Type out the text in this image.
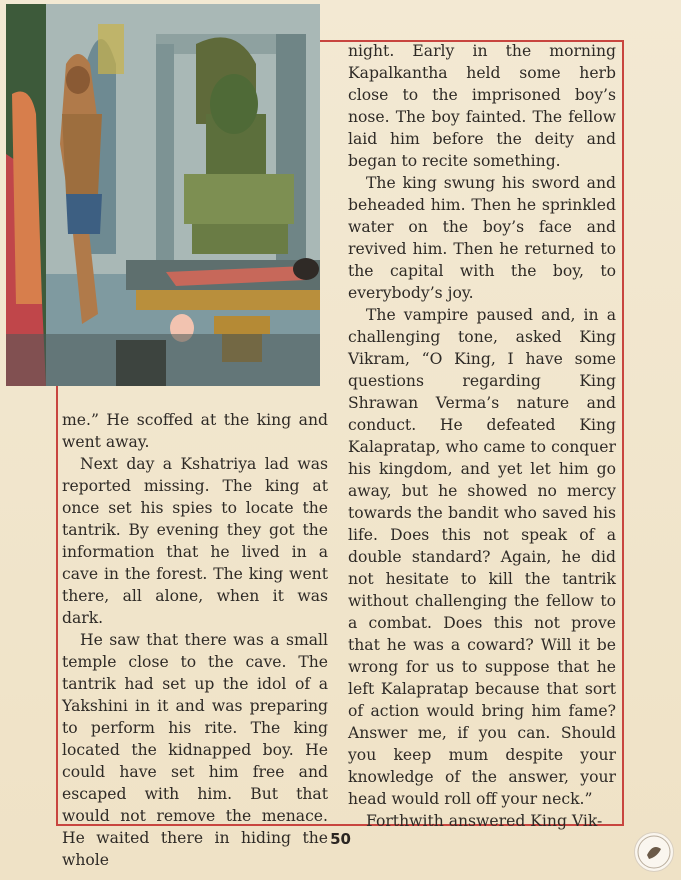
me.” He scoffed at the king and went away.

Next day a Kshatriya lad was reported missing. The king at once set his spies to locate the tantrik. By evening they got the information that he lived in a cave in the forest. The king went there, all alone, when it was dark.

He saw that there was a small temple close to the cave. The tantrik had set up the idol of a Yakshini in it and was preparing to perform his rite. The king located the kidnapped boy. He could have set him free and escaped with him. But that would not remove the menace. He waited there in hiding the whole

night. Early in the morning Kapalkantha held some herb close to the imprisoned boy’s nose. The boy fainted. The fellow laid him before the deity and began to recite something.

The king swung his sword and beheaded him. Then he sprinkled water on the boy’s face and revived him. Then he returned to the capital with the boy, to everybody’s joy.

The vampire paused and, in a challenging tone, asked King Vikram, “O King, I have some questions regarding King Shrawan Verma’s nature and conduct. He defeated King Kalapratap, who came to conquer his kingdom, and yet let him go away, but he showed no mercy towards the bandit who saved his life. Does this not speak of a double standard? Again, he did not hesitate to kill the tantrik without challenging the fellow to a combat. Does this not prove that he was a coward? Will it be wrong for us to suppose that he left Kalapratap because that sort of action would bring him fame? Answer me, if you can. Should you keep mum despite your knowledge of the answer, your head would roll off your neck.”

Forthwith answered King Vik-

50
